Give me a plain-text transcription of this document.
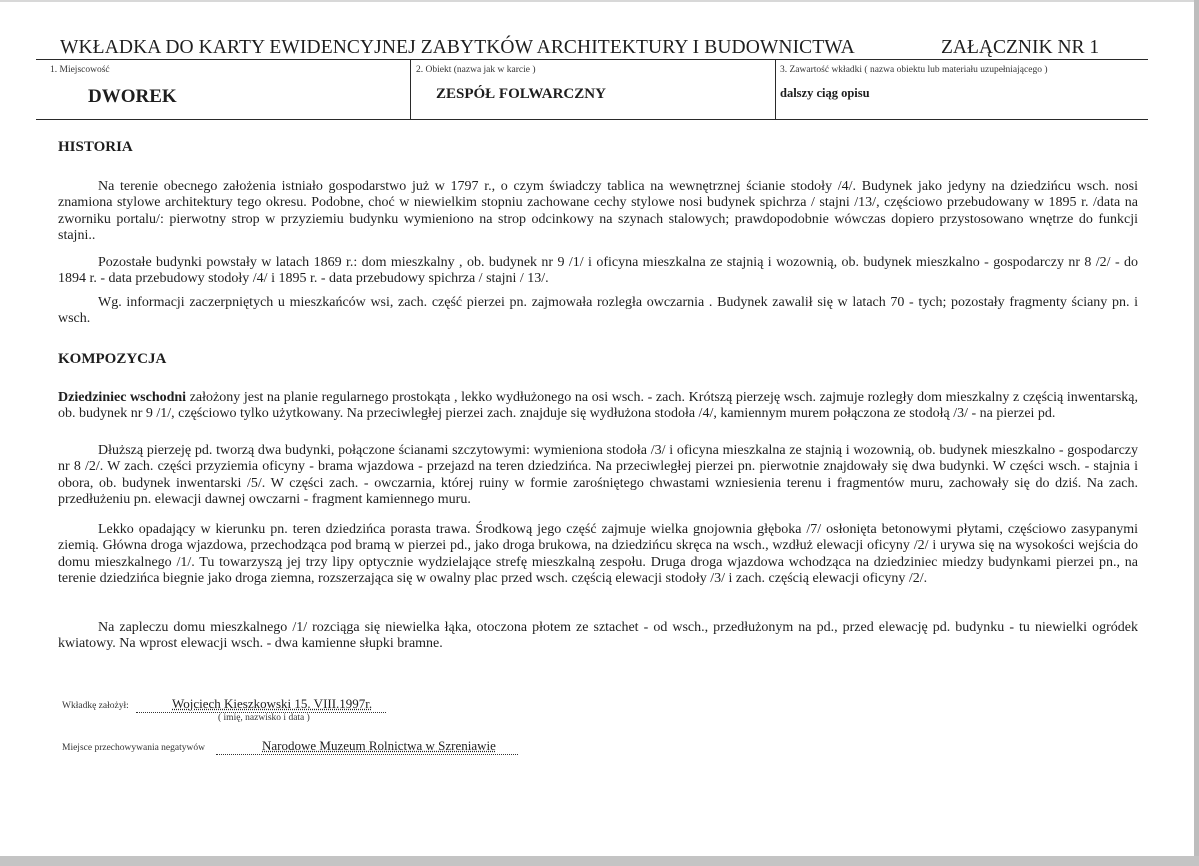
WKŁADKA DO KARTY EWIDENCYJNEJ ZABYTKÓW ARCHITEKTURY I BUDOWNICTWA	ZAŁĄCZNIK NR 1
1. Miejscowość
DWOREK
2. Obiekt (nazwa jak w karcie )
ZESPÓŁ FOLWARCZNY
3. Zawartość wkładki ( nazwa obiektu lub materiału uzupełniającego )
dalszy ciąg opisu
HISTORIA

Na terenie obecnego założenia istniało gospodarstwo już w 1797 r., o czym świadczy tablica na wewnętrznej ścianie stodoły /4/. Budynek jako jedyny na dziedzińcu wsch. nosi znamiona stylowe architektury tego okresu. Podobne, choć w niewielkim stopniu zachowane cechy stylowe nosi budynek spichrza / stajni /13/, częściowo przebudowany w 1895 r. /data na zworniku portalu/: pierwotny strop w przyziemiu budynku wymieniono na strop odcinkowy na szynach stalowych; prawdopodobnie wówczas dopiero przystosowano wnętrze do funkcji stajni..

Pozostałe budynki powstały w latach 1869 r.: dom mieszkalny , ob. budynek nr 9 /1/ i oficyna mieszkalna ze stajnią i wozownią, ob. budynek mieszkalno - gospodarczy nr 8 /2/ - do 1894 r. - data przebudowy stodoły /4/ i 1895 r. - data przebudowy spichrza / stajni / 13/.

Wg. informacji zaczerpniętych u mieszkańców wsi, zach. część pierzei pn. zajmowała rozległa owczarnia . Budynek zawalił się w latach 70 - tych; pozostały fragmenty ściany pn. i wsch.

KOMPOZYCJA

Dziedziniec wschodni założony jest na planie regularnego prostokąta , lekko wydłużonego na osi wsch. - zach. Krótszą pierzeję wsch. zajmuje rozległy dom mieszkalny z częścią inwentarską, ob. budynek nr 9 /1/, częściowo tylko użytkowany. Na przeciwległej pierzei zach. znajduje się wydłużona stodoła /4/, kamiennym murem połączona ze stodołą /3/ - na pierzei pd.

Dłuższą pierzeję pd. tworzą dwa budynki, połączone ścianami szczytowymi: wymieniona stodoła /3/ i oficyna mieszkalna ze stajnią i wozownią, ob. budynek mieszkalno - gospodarczy nr 8 /2/. W zach. części przyziemia oficyny - brama wjazdowa - przejazd na teren dziedzińca. Na przeciwległej pierzei pn. pierwotnie znajdowały się dwa budynki. W części wsch. - stajnia i obora, ob. budynek inwentarski /5/. W części zach. - owczarnia, której ruiny w formie zarośniętego chwastami wzniesienia terenu i fragmentów muru, zachowały się do dziś. Na zach. przedłużeniu pn. elewacji dawnej owczarni - fragment kamiennego muru.

Lekko opadający w kierunku pn. teren dziedzińca porasta trawa. Środkową jego część zajmuje wielka gnojownia głęboka /7/ osłonięta betonowymi płytami, częściowo zasypanymi ziemią. Główna droga wjazdowa, przechodząca pod bramą w pierzei pd., jako droga brukowa, na dziedzińcu skręca na wsch., wzdłuż elewacji oficyny /2/ i urywa się na wysokości wejścia do domu mieszkalnego /1/. Tu towarzyszą jej trzy lipy optycznie wydzielające strefę mieszkalną zespołu. Druga droga wjazdowa wchodząca na dziedziniec miedzy budynkami pierzei pn., na terenie dziedzińca biegnie jako droga ziemna, rozszerzająca się w owalny plac przed wsch. częścią elewacji stodoły /3/ i zach. częścią elewacji oficyny /2/.

Na zapleczu domu mieszkalnego /1/ rozciąga się niewielka łąka, otoczona płotem ze sztachet - od wsch., przedłużonym na pd., przed elewację pd. budynku - tu niewielki ogródek kwiatowy. Na wprost elewacji wsch. - dwa kamienne słupki bramne.

Wkładkę założył:	Wojciech Kieszkowski 15. VIII.1997r.
( imię, nazwisko i data )
Miejsce przechowywania negatywów	Narodowe Muzeum Rolnictwa w Szreniawie
